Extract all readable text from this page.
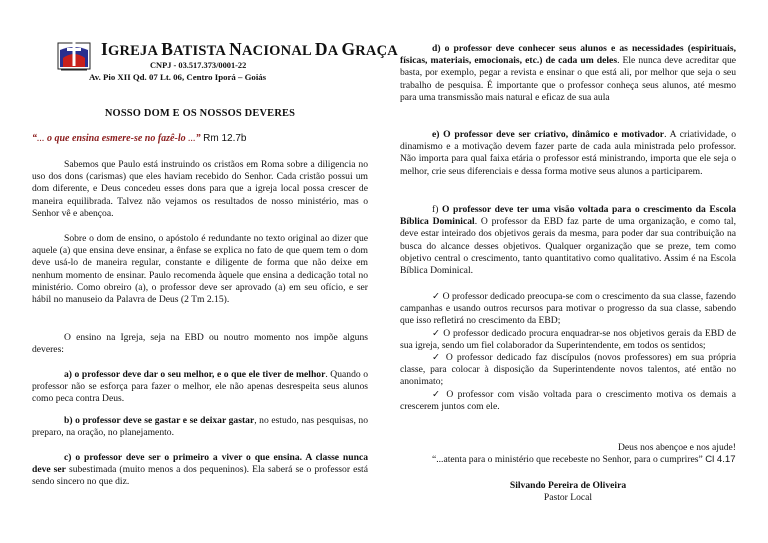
IGREJA BATISTA NACIONAL DA GRAÇA
CNPJ - 03.517.373/0001-22
Av. Pio XII Qd. 07 Lt. 06, Centro Iporá – Goiás
NOSSO DOM E OS NOSSOS DEVERES
“... o que ensina esmere-se no fazê-lo ...” Rm 12.7b

Sabemos que Paulo está instruindo os cristãos em Roma sobre a diligencia no uso dos dons (carismas) que eles haviam recebido do Senhor. Cada cristão possui um dom diferente, e Deus concedeu esses dons para que a igreja local possa crescer de maneira equilibrada. Talvez não vejamos os resultados de nosso ministério, mas o Senhor vê e abençoa.

Sobre o dom de ensino, o apóstolo é redundante no texto original ao dizer que aquele (a) que ensina deve ensinar, a ênfase se explica no fato de que quem tem o dom deve usá-lo de maneira regular, constante e diligente de forma que não deixe em nenhum momento de ensinar. Paulo recomenda àquele que ensina a dedicação total no ministério. Como obreiro (a), o professor deve ser aprovado (a) em seu ofício, e ser hábil no manuseio da Palavra de Deus (2 Tm 2.15).

O ensino na Igreja, seja na EBD ou noutro momento nos impõe alguns deveres:

a) o professor deve dar o seu melhor, e o que ele tiver de melhor. Quando o professor não se esforça para fazer o melhor, ele não apenas desrespeita seus alunos como peca contra Deus.

b) o professor deve se gastar e se deixar gastar, no estudo, nas pesquisas, no preparo, na oração, no planejamento.

c) o professor deve ser o primeiro a viver o que ensina. A classe nunca deve ser subestimada (muito menos a dos pequeninos). Ela saberá se o professor está sendo sincero no que diz.

d) o professor deve conhecer seus alunos e as necessidades (espirituais, físicas, materiais, emocionais, etc.) de cada um deles. Ele nunca deve acreditar que basta, por exemplo, pegar a revista e ensinar o que está ali, por melhor que seja o seu trabalho de pesquisa. É importante que o professor conheça seus alunos, até mesmo para uma transmissão mais natural e eficaz de sua aula

e) O professor deve ser criativo, dinâmico e motivador. A criatividade, o dinamismo e a motivação devem fazer parte de cada aula ministrada pelo professor. Não importa para qual faixa etária o professor está ministrando, importa que ele seja o melhor, crie seus diferenciais e dessa forma motive seus alunos a participarem.

f) O professor deve ter uma visão voltada para o crescimento da Escola Bíblica Dominical. O professor da EBD faz parte de uma organização, e como tal, deve estar inteirado dos objetivos gerais da mesma, para poder dar sua contribuição na busca do alcance desses objetivos. Qualquer organização que se preze, tem como objetivo central o crescimento, tanto quantitativo como qualitativo. Assim é na Escola Bíblica Dominical.

✓ O professor dedicado preocupa-se com o crescimento da sua classe, fazendo campanhas e usando outros recursos para motivar o progresso da sua classe, sabendo que isso refletirá no crescimento da EBD;

✓ O professor dedicado procura enquadrar-se nos objetivos gerais da EBD de sua igreja, sendo um fiel colaborador da Superintendente, em todos os sentidos;

✓ O professor dedicado faz discípulos (novos professores) em sua própria classe, para colocar à disposição da Superintendente novos talentos, até então no anonimato;

✓ O professor com visão voltada para o crescimento motiva os demais a crescerem juntos com ele.

Deus nos abençoe e nos ajude!

“...atenta para o ministério que recebeste no Senhor, para o cumprires” Cl 4.17

Silvando Pereira de Oliveira

Pastor Local
